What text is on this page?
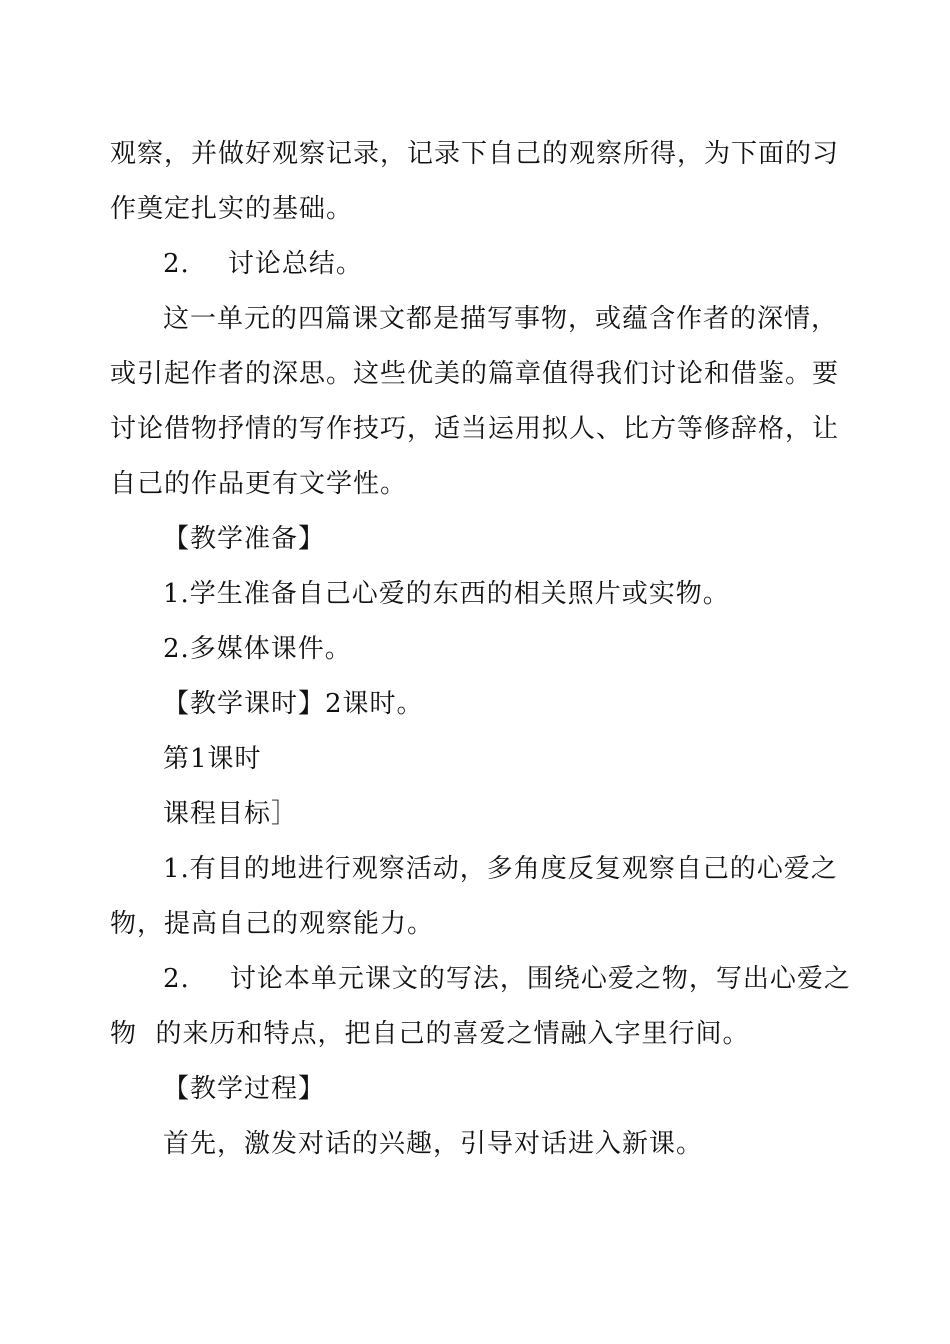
观察，并做好观察记录，记录下自己的观察所得，为下面的习
作奠定扎实的基础。
2. 讨论总结。
这一单元的四篇课文都是描写事物，或蕴含作者的深情，
或引起作者的深思。这些优美的篇章值得我们讨论和借鉴。要
讨论借物抒情的写作技巧，适当运用拟人、比方等修辞格，让
自己的作品更有文学性。
【教学准备】
1.学生准备自己心爱的东西的相关照片或实物。
2.多媒体课件。
【教学课时】2课时。
第1课时
课程目标］
1.有目的地进行观察活动，多角度反复观察自己的心爱之
物，提高自己的观察能力。
2. 讨论本单元课文的写法，围绕心爱之物，写出心爱之
物  的来历和特点，把自己的喜爱之情融入字里行间。
【教学过程】
首先，激发对话的兴趣，引导对话进入新课。
